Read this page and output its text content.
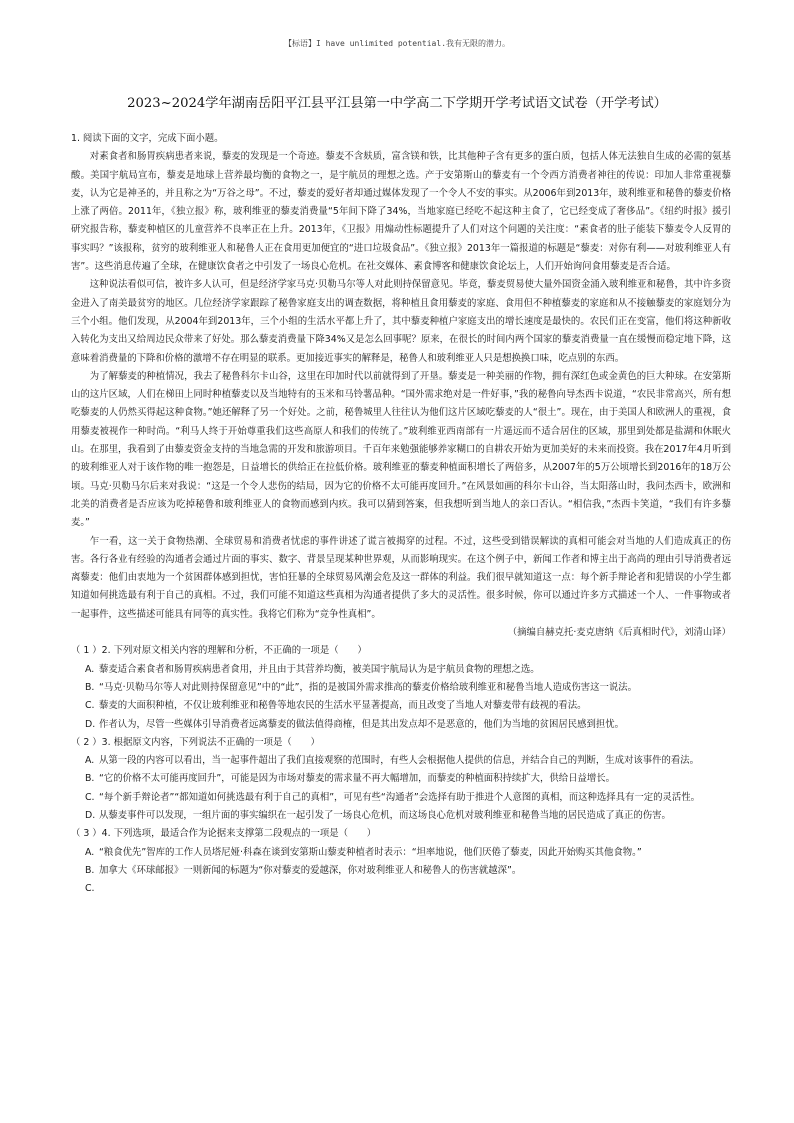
【标语】I have unlimited potential.我有无限的潜力。
2023~2024学年湖南岳阳平江县平江县第一中学高二下学期开学考试语文试卷（开学考试）

1. 阅读下面的文字，完成下面小题。

对素食者和肠胃疾病患者来说，藜麦的发现是一个奇迹。藜麦不含麸质，富含镁和铁，比其他种子含有更多的蛋白质，包括人体无法独自生成的必需的氨基酸。美国宇航局宣布，藜麦是地球上营养最均衡的食物之一，是宇航员的理想之选。产于安第斯山的藜麦有一个令西方消费者神往的传说：印加人非常重视藜麦，认为它是神圣的，并且称之为“万谷之母”。不过，藜麦的爱好者却通过媒体发现了一个令人不安的事实。从2006年到2013年，玻利维亚和秘鲁的藜麦价格上涨了两倍。2011年，《独立报》称，玻利维亚的藜麦消费量“5年间下降了34%，当地家庭已经吃不起这种主食了，它已经变成了奢侈品”。《纽约时报》援引研究报告称，藜麦种植区的儿童营养不良率正在上升。2013年，《卫报》用煽动性标题提升了人们对这个问题的关注度：“素食者的肚子能装下藜麦令人反胃的事实吗？”该报称，贫穷的玻利维亚人和秘鲁人正在食用更加便宜的“进口垃圾食品”。《独立报》2013年一篇报道的标题是“藜麦：对你有利——对玻利维亚人有害”。这些消息传遍了全球，在健康饮食者之中引发了一场良心危机。在社交媒体、素食博客和健康饮食论坛上，人们开始询问食用藜麦是否合适。

这种说法看似可信，被许多人认可，但是经济学家马克·贝勒马尔等人对此则持保留意见。毕竟，藜麦贸易使大量外国资金涌入玻利维亚和秘鲁，其中许多资金进入了南美最贫穷的地区。几位经济学家跟踪了秘鲁家庭支出的调查数据，将种植且食用藜麦的家庭、食用但不种植藜麦的家庭和从不接触藜麦的家庭划分为三个小组。他们发现，从2004年到2013年，三个小组的生活水平都上升了，其中藜麦种植户家庭支出的增长速度是最快的。农民们正在变富，他们将这种新收入转化为支出又给周边民众带来了好处。那么藜麦消费量下降34%又是怎么回事呢？原来，在很长的时间内两个国家的藜麦消费量一直在缓慢而稳定地下降，这意味着消费量的下降和价格的激增不存在明显的联系。更加接近事实的解释是，秘鲁人和玻利维亚人只是想换换口味，吃点别的东西。

为了解藜麦的种植情况，我去了秘鲁科尔卡山谷，这里在印加时代以前就得到了开垦。藜麦是一种美丽的作物，拥有深红色或金黄色的巨大种球。在安第斯山的这片区域，人们在梯田上同时种植藜麦以及当地特有的玉米和马铃薯品种。“国外需求绝对是一件好事，”我的秘鲁向导杰西卡说道，“农民非常高兴，所有想吃藜麦的人仍然买得起这种食物。”她还解释了另一个好处。之前，秘鲁城里人往往认为他们这片区域吃藜麦的人“很土”。现在，由于美国人和欧洲人的重视，食用藜麦被视作一种时尚。“利马人终于开始尊重我们这些高原人和我们的传统了。”玻利维亚西南部有一片遥远而不适合居住的区域，那里到处都是盐湖和休眠火山。在那里，我看到了由藜麦资金支持的当地急需的开发和旅游项目。千百年来勉强能够养家糊口的自耕农开始为更加美好的未来而投资。我在2017年4月听到的玻利维亚人对于该作物的唯一抱怨是，日益增长的供给正在拉低价格。玻利维亚的藜麦种植面积增长了两倍多，从2007年的5万公顷增长到2016年的18万公顷。马克·贝勒马尔后来对我说：“这是一个令人悲伤的结局，因为它的价格不太可能再度回升。”在风景如画的科尔卡山谷，当太阳落山时，我问杰西卡，欧洲和北美的消费者是否应该为吃掉秘鲁和玻利维亚人的食物而感到内疚。我可以猜到答案，但我想听到当地人的亲口否认。“相信我，”杰西卡笑道，“我们有许多藜麦。”

乍一看，这一关于食物热潮、全球贸易和消费者忧虑的事件讲述了谎言被揭穿的过程。不过，这些受到错误解读的真相可能会对当地的人们造成真正的伤害。各行各业有经验的沟通者会通过片面的事实、数字、背景呈现某种世界观，从而影响现实。在这个例子中，新闻工作者和博主出于高尚的理由引导消费者远离藜麦：他们由衷地为一个贫困群体感到担忧，害怕狂暴的全球贸易风潮会危及这一群体的利益。我们很早就知道这一点：每个新手辩论者和犯错误的小学生都知道如何挑选最有利于自己的真相。不过，我们可能不知道这些真相为沟通者提供了多大的灵活性。很多时候，你可以通过许多方式描述一个人、一件事物或者一起事件，这些描述可能具有同等的真实性。我将它们称为“竞争性真相”。

（摘编自赫克托·麦克唐纳《后真相时代》，刘清山译）

（ 1 ）2. 下列对原文相关内容的理解和分析，不正确的一项是（　　）

A. 藜麦适合素食者和肠胃疾病患者食用，并且由于其营养均衡，被美国宇航局认为是宇航员食物的理想之选。

B. “马克·贝勒马尔等人对此则持保留意见”中的“此”，指的是被国外需求推高的藜麦价格给玻利维亚和秘鲁当地人造成伤害这一说法。

C. 藜麦的大面积种植，不仅让玻利维亚和秘鲁等地农民的生活水平显著提高，而且改变了当地人对藜麦带有歧视的看法。

D. 作者认为，尽管一些媒体引导消费者远离藜麦的做法值得商榷，但是其出发点却不是恶意的，他们为当地的贫困居民感到担忧。

（ 2 ）3. 根据原文内容，下列说法不正确的一项是（　　）

A. 从第一段的内容可以看出，当一起事件超出了我们直接观察的范围时，有些人会根据他人提供的信息，并结合自己的判断，生成对该事件的看法。

B. “它的价格不太可能再度回升”，可能是因为市场对藜麦的需求量不再大幅增加，而藜麦的种植面积持续扩大，供给日益增长。

C. “每个新手辩论者”“都知道如何挑选最有利于自己的真相”，可见有些“沟通者”会选择有助于推进个人意图的真相，而这种选择具有一定的灵活性。

D. 从藜麦事件可以发现，一组片面的事实编织在一起引发了一场良心危机，而这场良心危机对玻利维亚和秘鲁当地的居民造成了真正的伤害。

（ 3 ）4. 下列选项，最适合作为论据来支撑第二段观点的一项是（　　）

A. “粮食优先”智库的工作人员塔尼娅·科森在谈到安第斯山藜麦种植者时表示：“坦率地说，他们厌倦了藜麦，因此开始购买其他食物。”

B. 加拿大《环球邮报》一则新闻的标题为“你对藜麦的爱越深，你对玻利维亚人和秘鲁人的伤害就越深”。

C.
